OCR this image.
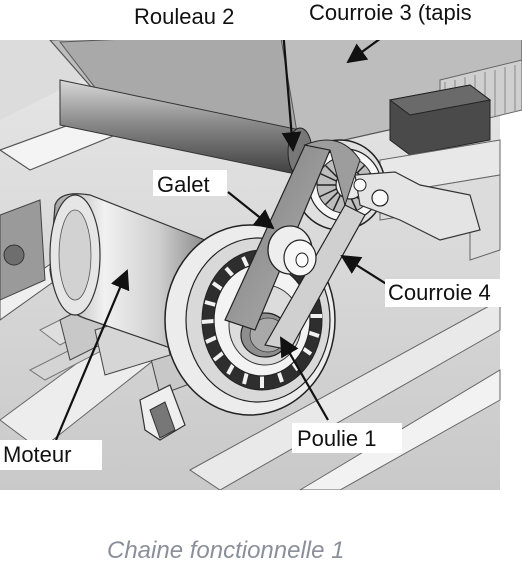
Rouleau 2	Courroie 3 (tapis
Galet
Courroie 4
Moteur
Poulie 1
Chaine fonctionnelle 1
